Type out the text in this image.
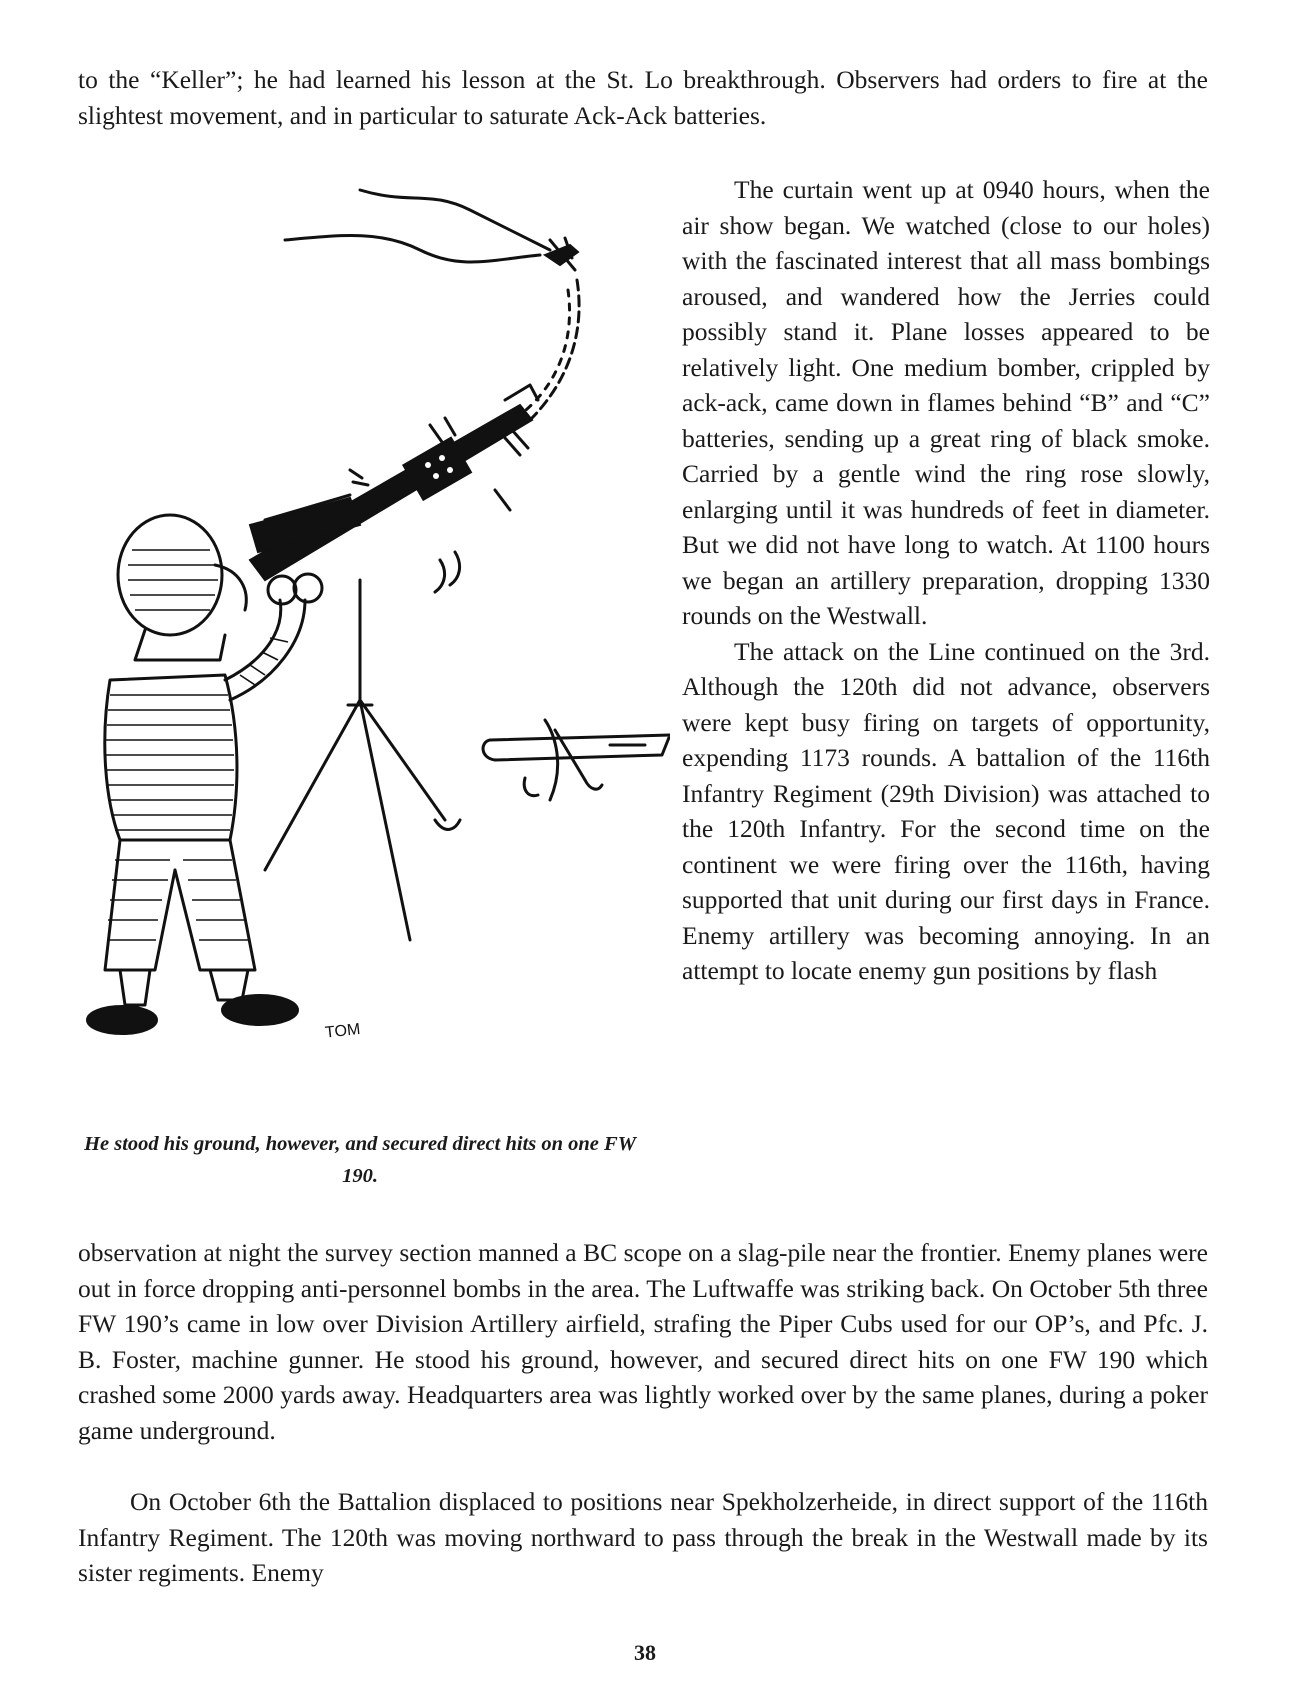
to the “Keller”; he had learned his lesson at the St. Lo breakthrough. Observers had orders to fire at the slightest movement, and in particular to saturate Ack-Ack batteries.

TOM
He stood his ground, however, and secured direct hits on one FW 190.

The curtain went up at 0940 hours, when the air show began. We watched (close to our holes) with the fascinated interest that all mass bombings aroused, and wandered how the Jerries could possibly stand it. Plane losses appeared to be relatively light. One medium bomber, crippled by ack-ack, came down in flames behind “B” and “C” batteries, sending up a great ring of black smoke. Carried by a gentle wind the ring rose slowly, enlarging until it was hundreds of feet in diameter. But we did not have long to watch. At 1100 hours we began an artillery preparation, dropping 1330 rounds on the Westwall.

The attack on the Line continued on the 3rd. Although the 120th did not advance, observers were kept busy firing on targets of opportunity, expending 1173 rounds. A battalion of the 116th Infantry Regiment (29th Division) was attached to the 120th Infantry. For the second time on the continent we were firing over the 116th, having supported that unit during our first days in France. Enemy artillery was becoming annoying. In an attempt to locate enemy gun positions by flash

observation at night the survey section manned a BC scope on a slag-pile near the frontier. Enemy planes were out in force dropping anti-personnel bombs in the area. The Luftwaffe was striking back. On October 5th three FW 190’s came in low over Division Artillery airfield, strafing the Piper Cubs used for our OP’s, and Pfc. J. B. Foster, machine gunner. He stood his ground, however, and secured direct hits on one FW 190 which crashed some 2000 yards away. Headquarters area was lightly worked over by the same planes, during a poker game underground.

On October 6th the Battalion displaced to positions near Spekholzerheide, in direct support of the 116th Infantry Regiment. The 120th was moving northward to pass through the break in the Westwall made by its sister regiments. Enemy

38
